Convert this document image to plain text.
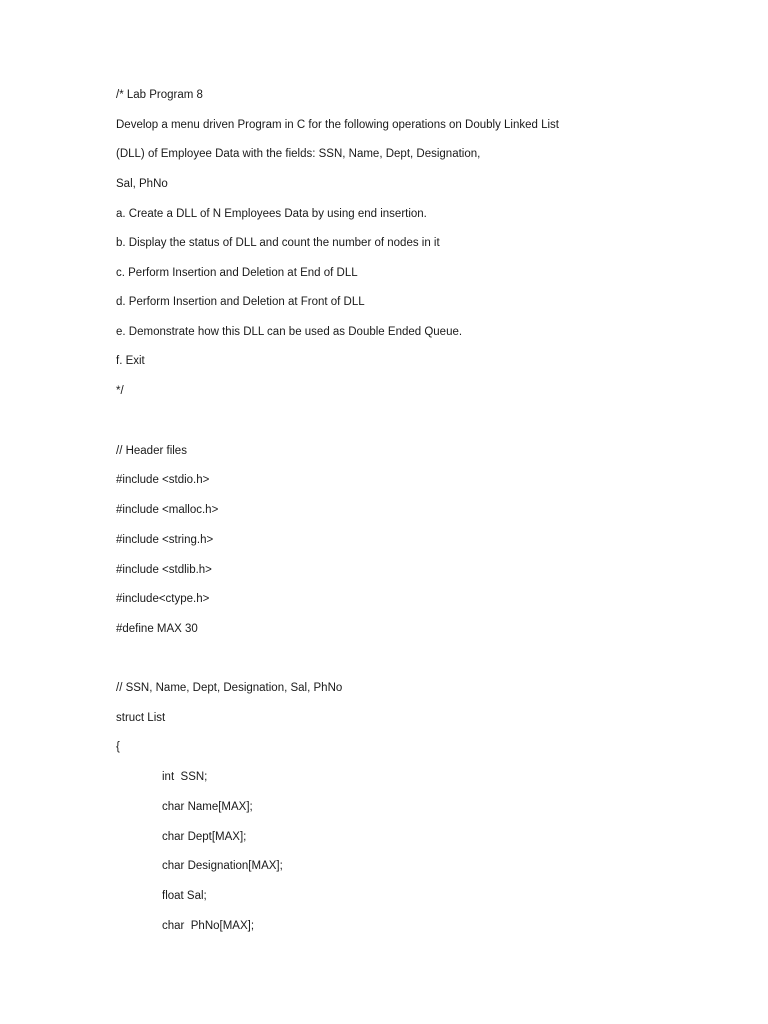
/* Lab Program 8

Develop a menu driven Program in C for the following operations on Doubly Linked List

(DLL) of Employee Data with the fields: SSN, Name, Dept, Designation,

Sal, PhNo

a. Create a DLL of N Employees Data by using end insertion.

b. Display the status of DLL and count the number of nodes in it

c. Perform Insertion and Deletion at End of DLL

d. Perform Insertion and Deletion at Front of DLL

e. Demonstrate how this DLL can be used as Double Ended Queue.

f. Exit

*/

// Header files

#include <stdio.h>

#include <malloc.h>

#include <string.h>

#include <stdlib.h>

#include<ctype.h>

#define MAX 30

// SSN, Name, Dept, Designation, Sal, PhNo

struct List

{

int  SSN;

char Name[MAX];

char Dept[MAX];

char Designation[MAX];

float Sal;

char  PhNo[MAX];
